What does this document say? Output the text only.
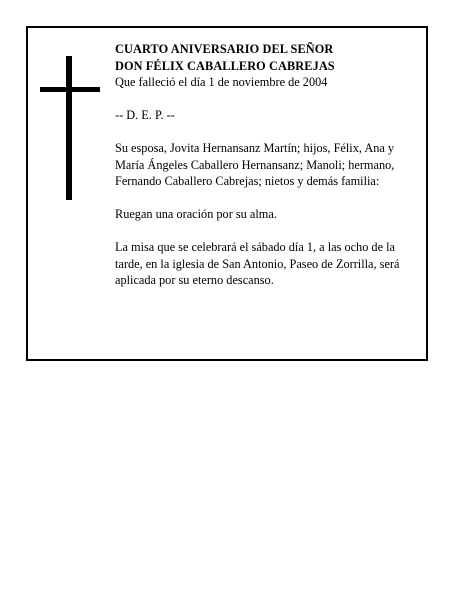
CUARTO ANIVERSARIO DEL SEÑOR

DON FÉLIX CABALLERO CABREJAS

Que falleció el día 1 de noviembre de 2004

-- D. E. P. --

Su esposa, Jovita Hernansanz Martín; hijos, Félix, Ana y María Ángeles Caballero Hernansanz; Manoli; hermano, Fernando Caballero Cabrejas; nietos y demás familia:

Ruegan una oración por su alma.

La misa que se celebrará el sábado día 1, a las ocho de la tarde, en la iglesia de San Antonio, Paseo de Zorrilla, será aplicada por su eterno descanso.
